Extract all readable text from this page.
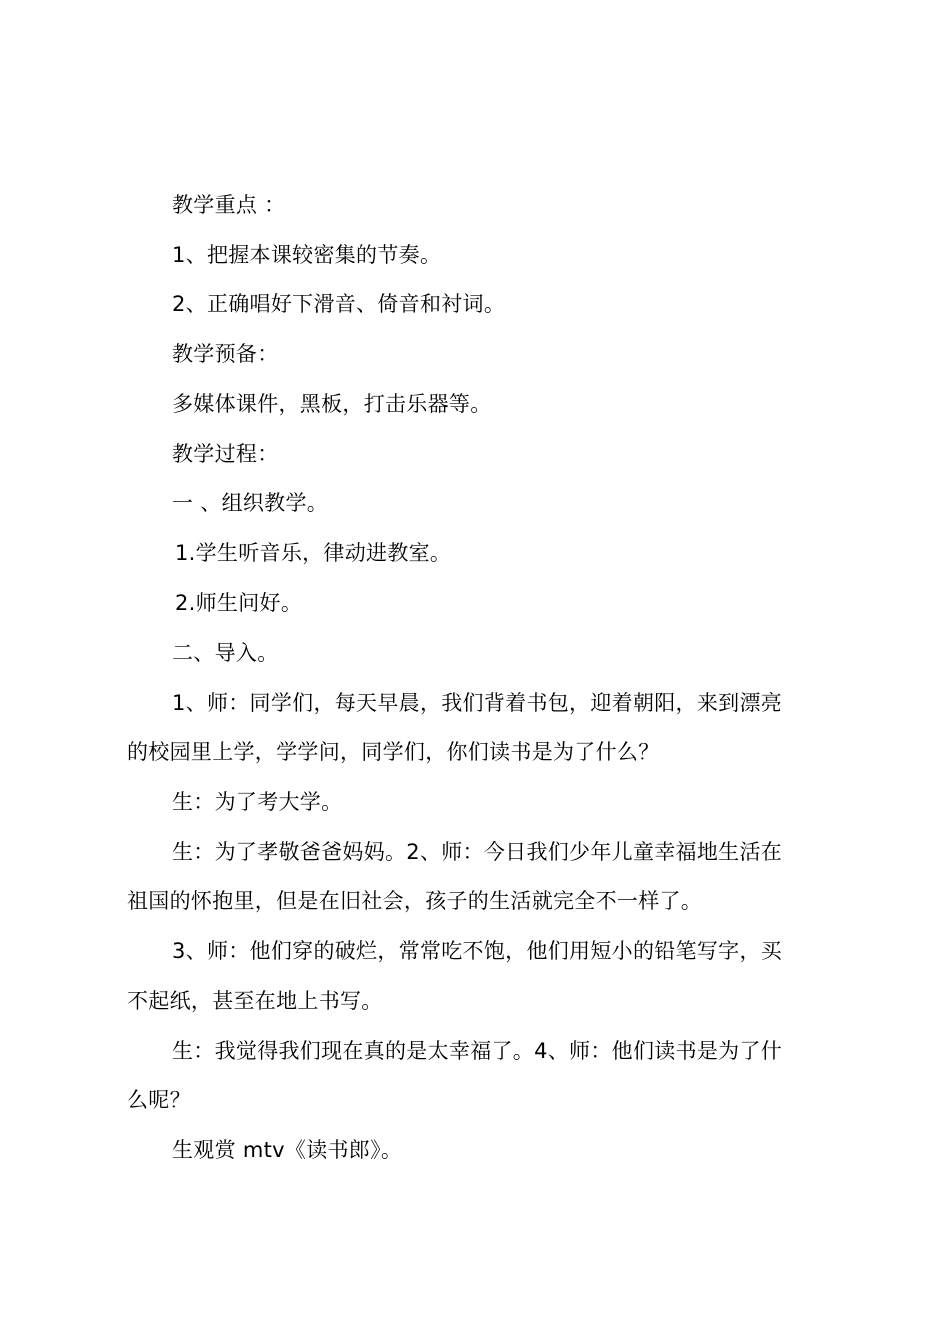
教学重点 ：
1、把握本课较密集的节奏。
2、正确唱好下滑音、倚音和衬词。
教学预备：
多媒体课件，黑板，打击乐器等。
教学过程：
一 、组织教学。
1.学生听音乐，律动进教室。
2.师生问好。
二、导入。
1、师：同学们，每天早晨，我们背着书包，迎着朝阳，来到漂亮
的校园里上学，学学问，同学们，你们读书是为了什么？
生：为了考大学。
生：为了孝敬爸爸妈妈。2、师：今日我们少年儿童幸福地生活在
祖国的怀抱里，但是在旧社会，孩子的生活就完全不一样了。
3、师：他们穿的破烂，常常吃不饱，他们用短小的铅笔写字，买
不起纸，甚至在地上书写。
生：我觉得我们现在真的是太幸福了。4、师：他们读书是为了什
么呢？
生观赏 mtv《读书郎》。
